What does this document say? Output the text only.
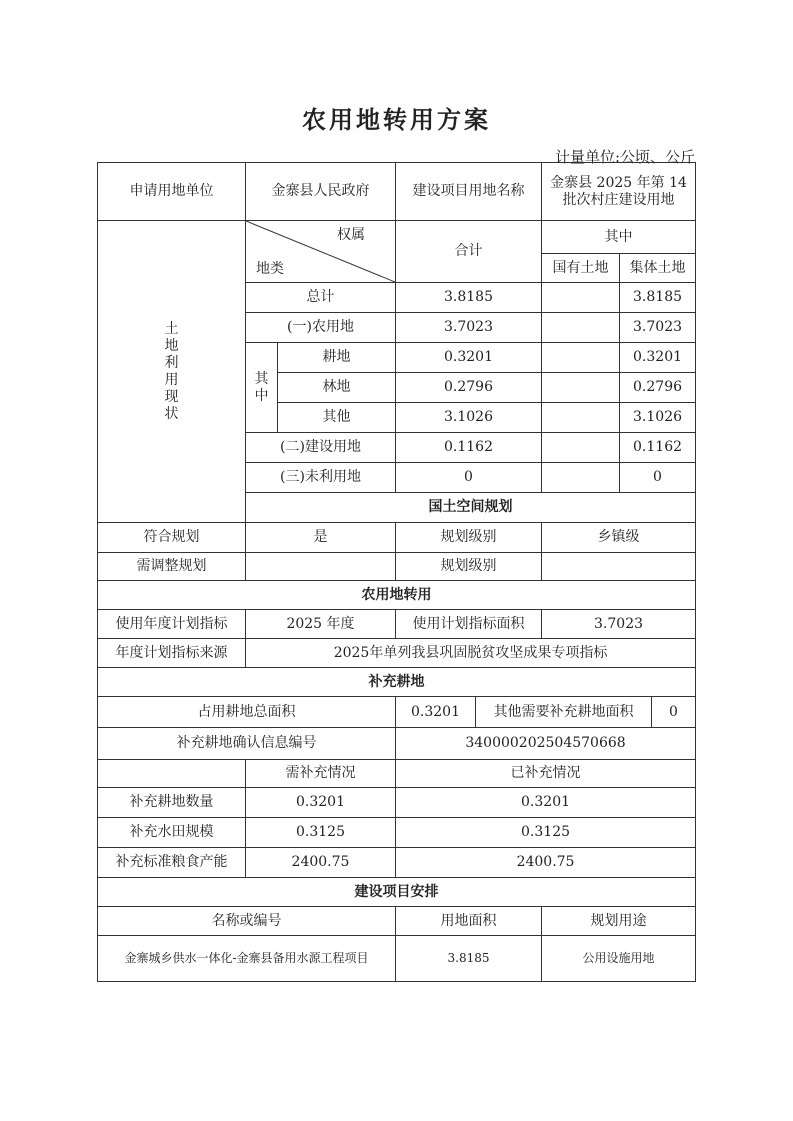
农用地转用方案
计量单位:公顷、公斤
申请用地单位	金寨县人民政府		建设项目用地名称		金寨县 2025 年第 14
批次村庄建设用地		
土地利用现状	权属
地类		合计		其中		
					国有土地	集体土地	
	总计		3.8185			3.8185	
	(一)农用地		3.7023			3.7023	
	其中	耕地	0.3201			0.3201	
		林地	0.2796			0.2796	
		其他	3.1026			3.1026	
	(二)建设用地		0.1162			0.1162	
	(三)未利用地		0			0	
	国土空间规划						
符合规划	是		规划级别		乡镇级		
需调整规划			规划级别				
农用地转用							
使用年度计划指标	2025 年度		使用计划指标面积		3.7023		
年度计划指标来源	2025年单列我县巩固脱贫攻坚成果专项指标						
补充耕地							
占用耕地总面积			0.3201	其他需要补充耕地面积			0
补充耕地确认信息编号			340000202504570668				
	需补充情况		已补充情况				
补充耕地数量	0.3201		0.3201				
补充水田规模	0.3125		0.3125				
补充标准粮食产能	2400.75		2400.75				
建设项目安排							
名称或编号			用地面积		规划用途		
金寨城乡供水一体化-金寨县备用水源工程项目			3.8185		公用设施用地		
